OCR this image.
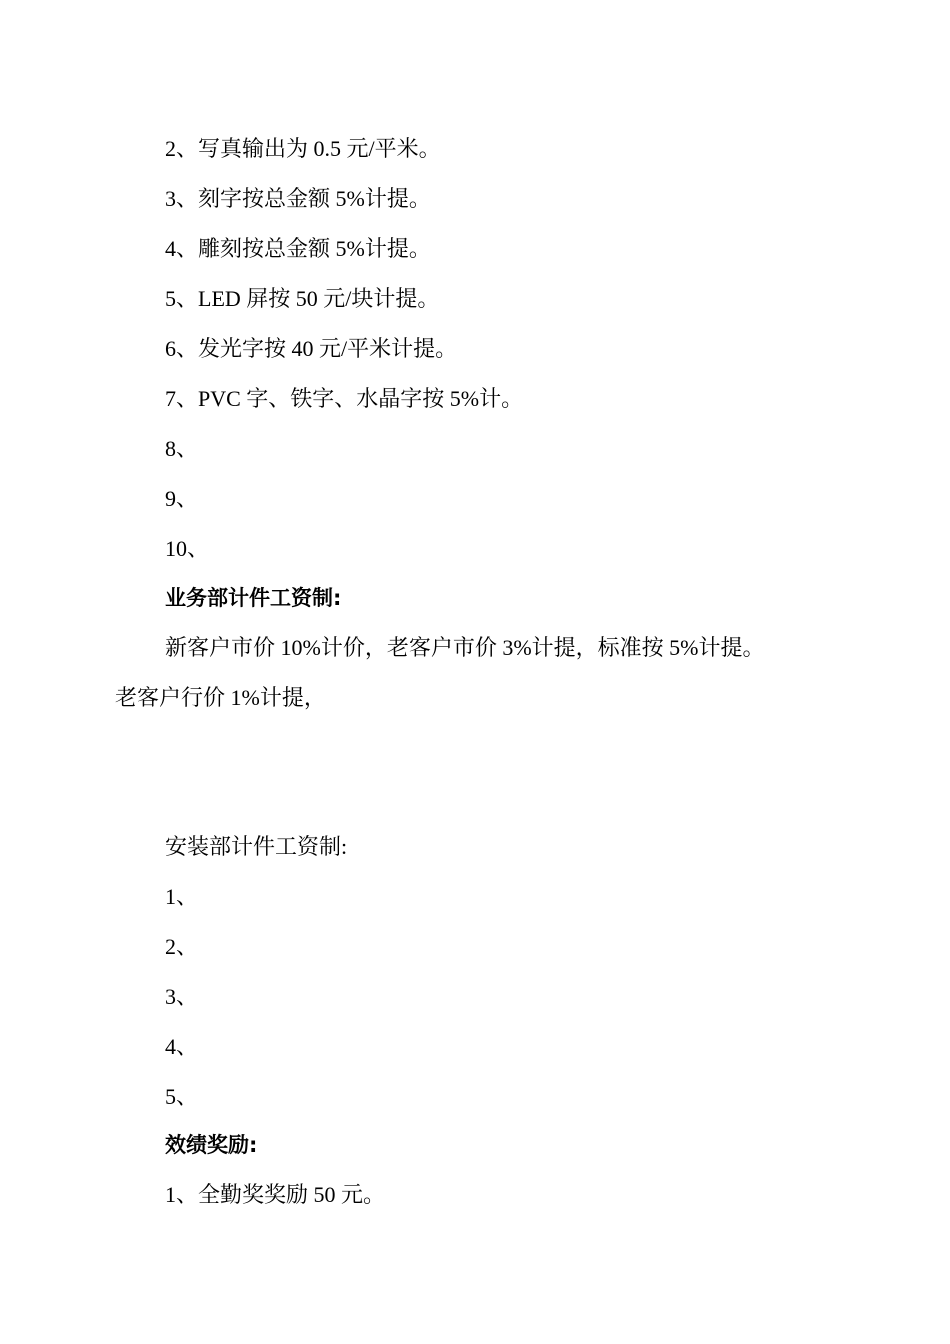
2、写真输出为 0.5 元/平米。
3、刻字按总金额 5%计提。
4、雕刻按总金额 5%计提。
5、LED 屏按 50 元/块计提。
6、发光字按 40 元/平米计提。
7、PVC 字、铁字、水晶字按 5%计。
8、
9、
10、
业务部计件工资制:
新客户市价 10%计价，老客户市价 3%计提，标准按 5%计提。
老客户行价 1%计提，
安装部计件工资制:
1、
2、
3、
4、
5、
效绩奖励:
1、全勤奖奖励 50 元。
